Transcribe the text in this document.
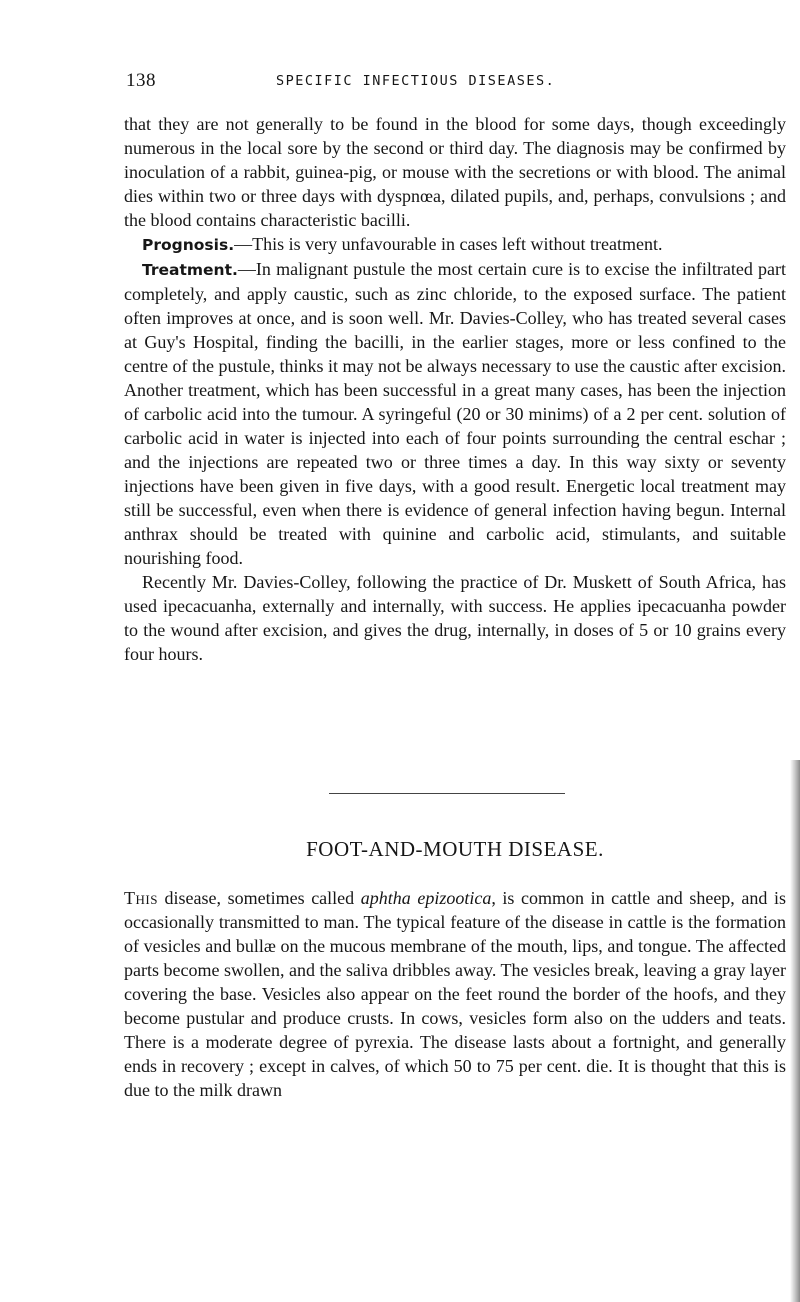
138	SPECIFIC INFECTIOUS DISEASES.

that they are not generally to be found in the blood for some days, though exceedingly numerous in the local sore by the second or third day. The diagnosis may be confirmed by inoculation of a rabbit, guinea-pig, or mouse with the secretions or with blood. The animal dies within two or three days with dyspnœa, dilated pupils, and, perhaps, convulsions ; and the blood contains characteristic bacilli.

Prognosis.—This is very unfavourable in cases left without treatment.

Treatment.—In malignant pustule the most certain cure is to excise the infiltrated part completely, and apply caustic, such as zinc chloride, to the exposed surface. The patient often improves at once, and is soon well. Mr. Davies-Colley, who has treated several cases at Guy's Hospital, finding the bacilli, in the earlier stages, more or less confined to the centre of the pustule, thinks it may not be always necessary to use the caustic after excision. Another treatment, which has been successful in a great many cases, has been the injection of carbolic acid into the tumour. A syringeful (20 or 30 minims) of a 2 per cent. solution of carbolic acid in water is injected into each of four points surrounding the central eschar ; and the injections are repeated two or three times a day. In this way sixty or seventy injections have been given in five days, with a good result. Energetic local treatment may still be successful, even when there is evidence of general infection having begun. Internal anthrax should be treated with quinine and carbolic acid, stimulants, and suitable nourishing food.

Recently Mr. Davies-Colley, following the practice of Dr. Muskett of South Africa, has used ipecacuanha, externally and internally, with success. He applies ipecacuanha powder to the wound after excision, and gives the drug, internally, in doses of 5 or 10 grains every four hours.

FOOT-AND-MOUTH DISEASE.

This disease, sometimes called aphtha epizootica, is common in cattle and sheep, and is occasionally transmitted to man. The typical feature of the disease in cattle is the formation of vesicles and bullæ on the mucous membrane of the mouth, lips, and tongue. The affected parts become swollen, and the saliva dribbles away. The vesicles break, leaving a gray layer covering the base. Vesicles also appear on the feet round the border of the hoofs, and they become pustular and produce crusts. In cows, vesicles form also on the udders and teats. There is a moderate degree of pyrexia. The disease lasts about a fortnight, and generally ends in recovery ; except in calves, of which 50 to 75 per cent. die. It is thought that this is due to the milk drawn
